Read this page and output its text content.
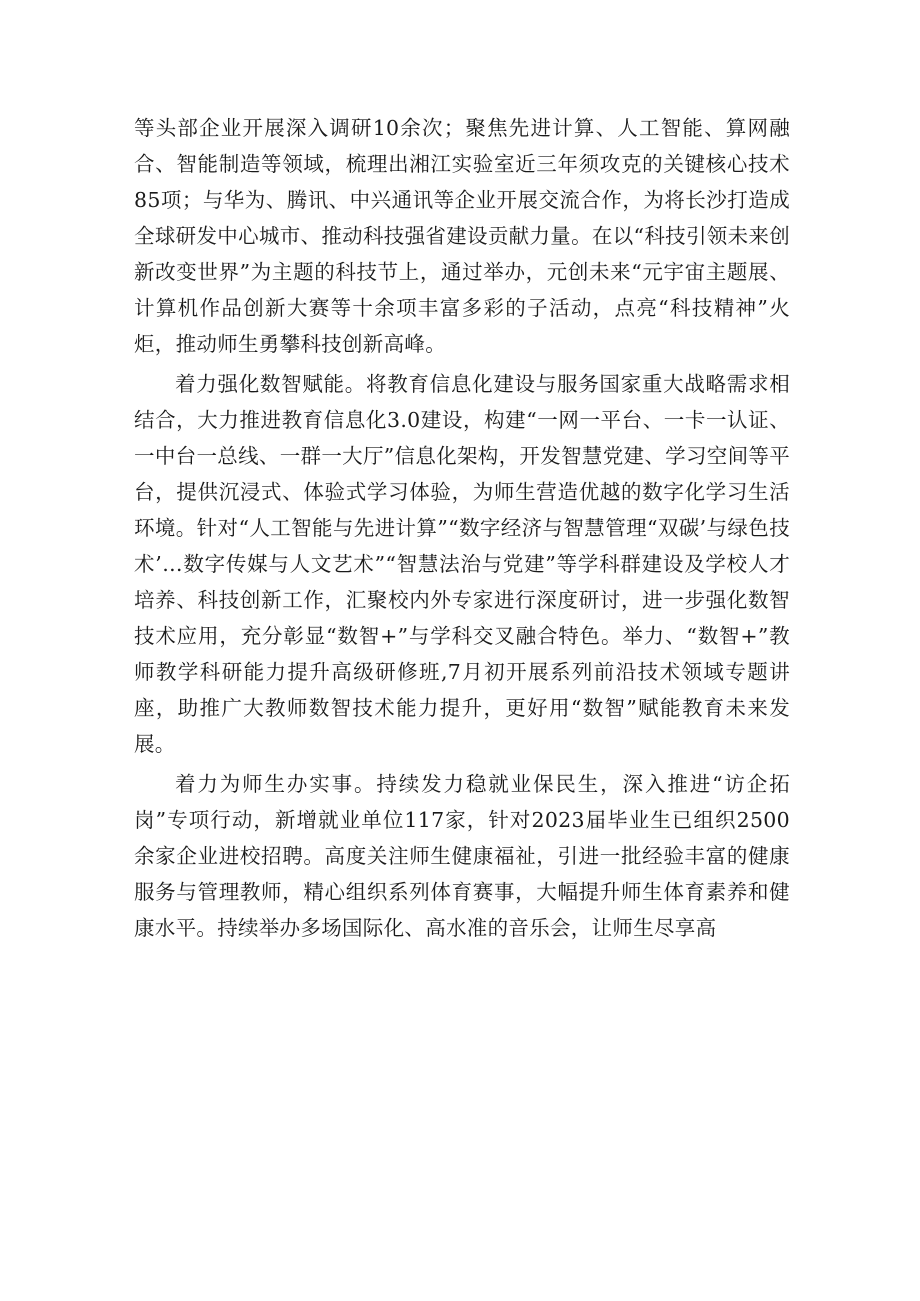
等头部企业开展深入调研10余次；聚焦先进计算、人工智能、算网融合、智能制造等领域，梳理出湘江实验室近三年须攻克的关键核心技术85项；与华为、腾讯、中兴通讯等企业开展交流合作，为将长沙打造成全球研发中心城市、推动科技强省建设贡献力量。在以“科技引领未来创新改变世界”为主题的科技节上，通过举办，元创未来“元宇宙主题展、计算机作品创新大赛等十余项丰富多彩的子活动，点亮“科技精神”火炬，推动师生勇攀科技创新高峰。

着力强化数智赋能。将教育信息化建设与服务国家重大战略需求相结合，大力推进教育信息化3.0建设，构建“一网一平台、一卡一认证、一中台一总线、一群一大厅”信息化架构，开发智慧党建、学习空间等平台，提供沉浸式、体验式学习体验，为师生营造优越的数字化学习生活环境。针对“人工智能与先进计算”“数字经济与智慧管理“双碳’与绿色技术’…数字传媒与人文艺术”“智慧法治与党建”等学科群建设及学校人才培养、科技创新工作，汇聚校内外专家进行深度研讨，进一步强化数智技术应用，充分彰显“数智+”与学科交叉融合特色。举力、“数智+”教师教学科研能力提升高级研修班,7月初开展系列前沿技术领域专题讲座，助推广大教师数智技术能力提升，更好用“数智”赋能教育未来发展。

着力为师生办实事。持续发力稳就业保民生，深入推进“访企拓岗”专项行动，新增就业单位117家，针对2023届毕业生已组织2500余家企业进校招聘。高度关注师生健康福祉，引进一批经验丰富的健康服务与管理教师，精心组织系列体育赛事，大幅提升师生体育素养和健康水平。持续举办多场国际化、高水准的音乐会，让师生尽享高
